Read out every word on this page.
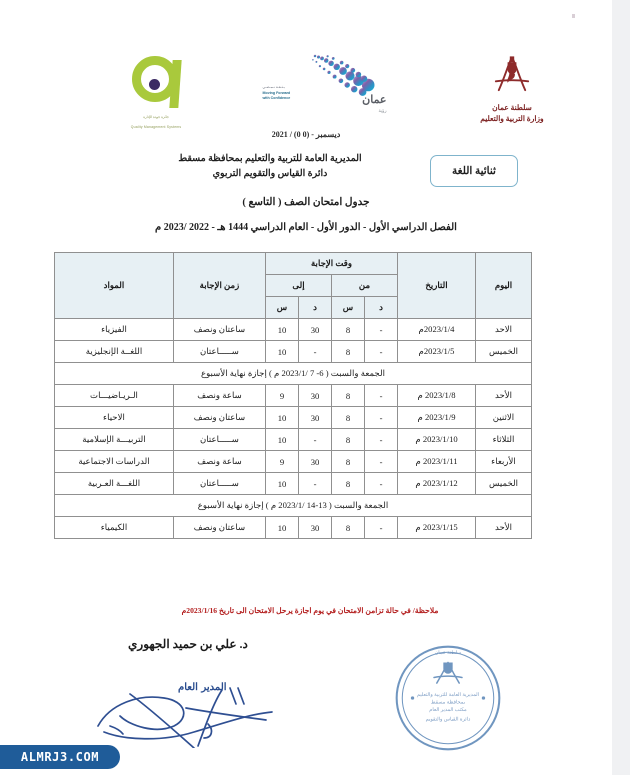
جائزة جودة الإدارة
Quality Management Systems
رؤية
عمان
بـثـقـة نـمـضـي
Moving Forward
with Confidence
سلطنة عمان
وزارة التربية والتعليم
2021 / ديسمبر - (0 0)
ثنائية اللغة
المديرية العامة للتربية والتعليم بمحافظة مسقط
دائرة القياس والتقويم التربوي
جدول امتحان الصف ( التاسع )
الفصل الدراسي الأول - الدور الأول - العام الدراسي 1444 هـ - 2022 /2023 م
اليوم	التاريخ	وقت الإجابة				زمن الإجابة	المواد
		من		إلى			
		د	س	د	س		
الاحد	2023/1/4م	-	8	30	10	ساعتان ونصف	الفيزياء
الخميس	2023/1/5م	-	8	-	10	ســـــاعتان	اللغــة الإنجليزية
الجمعة والسبت ( 6- 7 /2023/1 م ) إجازة نهاية الأسبوع							
الأحد	2023/1/8 م	-	8	30	9	ساعة ونصف	الـريـاضيـــات
الاثنين	2023/1/9 م	-	8	30	10	ساعتان ونصف	الاحياء
الثلاثاء	2023/1/10 م	-	8	-	10	ســـــاعتان	التربيـــة الإسلامية
الأربعاء	2023/1/11 م	-	8	30	9	ساعة ونصف	الدراسات الاجتماعية
الخميس	2023/1/12 م	-	8	-	10	ســـــاعتان	اللغـــة العـربية
الجمعة والسبت ( 13-14 /2023/1 م ) إجازة نهاية الأسبوع							
الأحد	2023/1/15 م	-	8	30	10	ساعتان ونصف	الكيمياء
ملاحظة/ في حالة تزامن الامتحان في يوم اجازة يرحل الامتحان الى تاريخ 2023/1/16م
د. علي بن حميد الجهوري
المدير العام
سلطنة عمان
المديرية العامة للتربية والتعليم
بمحافظة مسقط
مكتب المدير العام
دائرة القياس والتقويم
ALMRJ3.COM
